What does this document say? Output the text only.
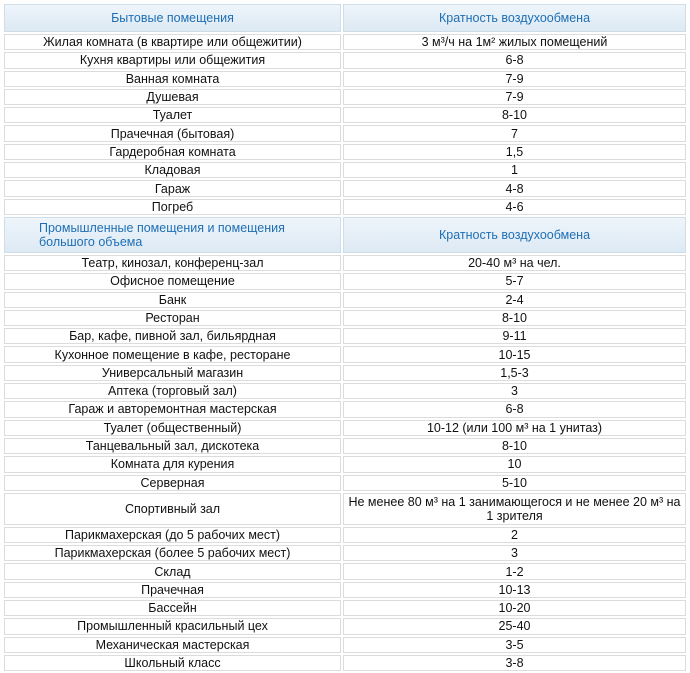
Бытовые помещения	Кратность воздухообмена
Жилая комната (в квартире или общежитии)	3 м³/ч на 1м² жилых помещений
Кухня квартиры или общежития	6-8
Ванная комната	7-9
Душевая	7-9
Туалет	8-10
Прачечная (бытовая)	7
Гардеробная комната	1,5
Кладовая	1
Гараж	4-8
Погреб	4-6
Промышленные помещения и помещения большого объема	Кратность воздухообмена
Театр, кинозал, конференц-зал	20-40 м³ на чел.
Офисное помещение	5-7
Банк	2-4
Ресторан	8-10
Бар, кафе, пивной зал, бильярдная	9-11
Кухонное помещение в кафе, ресторане	10-15
Универсальный магазин	1,5-3
Аптека (торговый зал)	3
Гараж и авторемонтная мастерская	6-8
Туалет (общественный)	10-12 (или 100 м³ на 1 унитаз)
Танцевальный зал, дискотека	8-10
Комната для курения	10
Серверная	5-10
Спортивный зал	Не менее 80 м³ на 1 занимающегося и не менее 20 м³ на 1 зрителя
Парикмахерская (до 5 рабочих мест)	2
Парикмахерская (более 5 рабочих мест)	3
Склад	1-2
Прачечная	10-13
Бассейн	10-20
Промышленный красильный цех	25-40
Механическая мастерская	3-5
Школьный класс	3-8
